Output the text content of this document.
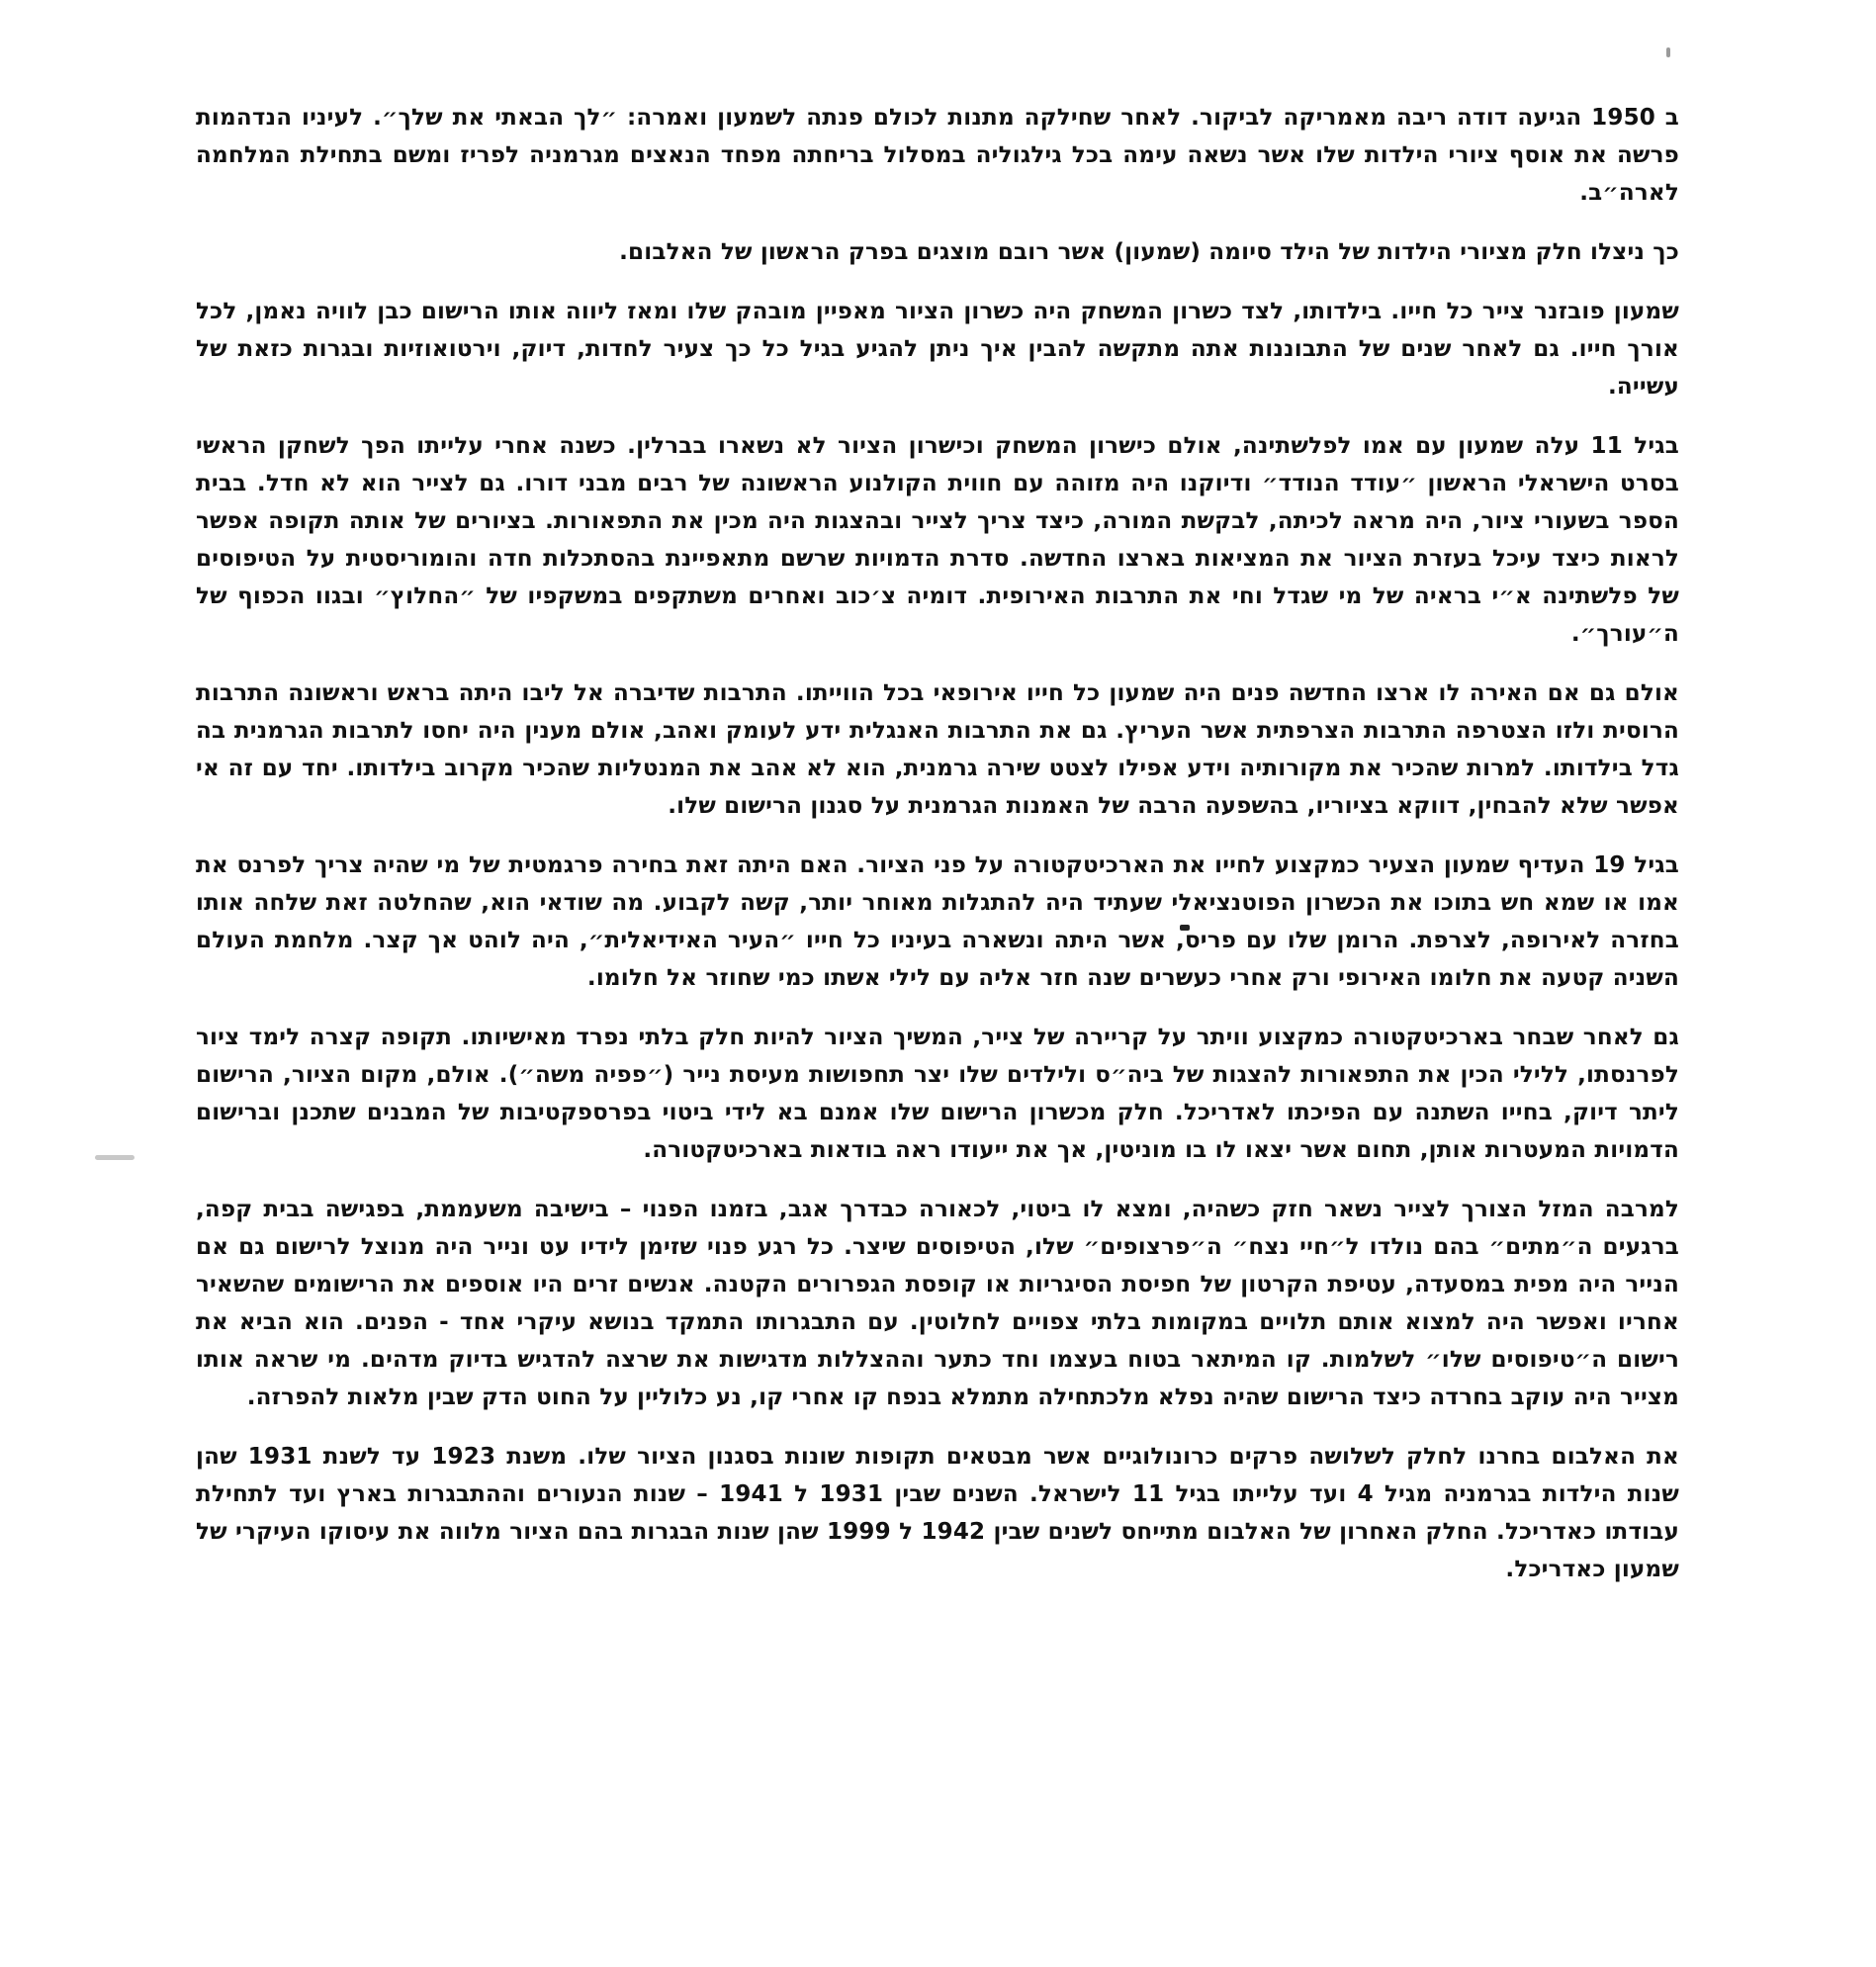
ב 1950 הגיעה דודה ריבה מאמריקה לביקור. לאחר שחילקה מתנות לכולם פנתה לשמעון ואמרה: ״לך הבאתי את שלך״. לעיניו הנדהמות פרשה את אוסף ציורי הילדות שלו אשר נשאה עימה בכל גילגוליה במסלול בריחתה מפחד הנאצים מגרמניה לפריז ומשם בתחילת המלחמה לארה״ב.

כך ניצלו חלק מציורי הילדות של הילד סיומה (שמעון) אשר רובם מוצגים בפרק הראשון של האלבום.

שמעון פובזנר צייר כל חייו. בילדותו, לצד כשרון המשחק היה כשרון הציור מאפיין מובהק שלו ומאז ליווה אותו הרישום כבן לוויה נאמן, לכל אורך חייו. גם לאחר שנים של התבוננות אתה מתקשה להבין איך ניתן להגיע בגיל כל כך צעיר לחדות, דיוק, וירטואוזיות ובגרות כזאת של עשייה.

בגיל 11 עלה שמעון עם אמו לפלשתינה, אולם כישרון המשחק וכישרון הציור לא נשארו בברלין. כשנה אחרי עלייתו הפך לשחקן הראשי בסרט הישראלי הראשון ״עודד הנודד״ ודיוקנו היה מזוהה עם חווית הקולנוע הראשונה של רבים מבני דורו. גם לצייר הוא לא חדל. בבית הספר בשעורי ציור, היה מראה לכיתה, לבקשת המורה, כיצד צריך לצייר ובהצגות היה מכין את התפאורות. בציורים של אותה תקופה אפשר לראות כיצד עיכל בעזרת הציור את המציאות בארצו החדשה. סדרת הדמויות שרשם מתאפיינת בהסתכלות חדה והומוריסטית על הטיפוסים של פלשתינה א״י בראיה של מי שגדל וחי את התרבות האירופית. דומיה צ׳כוב ואחרים משתקפים במשקפיו של ״החלוץ״ ובגוו הכפוף של ה״עורך״.

אולם גם אם האירה לו ארצו החדשה פנים היה שמעון כל חייו אירופאי בכל הווייתו. התרבות שדיברה אל ליבו היתה בראש וראשונה התרבות הרוסית ולזו הצטרפה התרבות הצרפתית אשר העריץ. גם את התרבות האנגלית ידע לעומק ואהב, אולם מענין היה יחסו לתרבות הגרמנית בה גדל בילדותו. למרות שהכיר את מקורותיה וידע אפילו לצטט שירה גרמנית, הוא לא אהב את המנטליות שהכיר מקרוב בילדותו. יחד עם זה אי אפשר שלא להבחין, דווקא בציוריו, בהשפעה הרבה של האמנות הגרמנית על סגנון הרישום שלו.

בגיל 19 העדיף שמעון הצעיר כמקצוע לחייו את הארכיטקטורה על פני הציור. האם היתה זאת בחירה פרגמטית של מי שהיה צריך לפרנס את אמו או שמא חש בתוכו את הכשרון הפוטנציאלי שעתיד היה להתגלות מאוחר יותר, קשה לקבוע. מה שודאי הוא, שהחלטה זאת שלחה אותו בחזרה לאירופה, לצרפת. הרומן שלו עם פריס, אשר היתה ונשארה בעיניו כל חייו ״העיר האידיאלית״, היה לוהט אך קצר. מלחמת העולם השניה קטעה את חלומו האירופי ורק אחרי כעשרים שנה חזר אליה עם לילי אשתו כמי שחוזר אל חלומו.

גם לאחר שבחר בארכיטקטורה כמקצוע וויתר על קריירה של צייר, המשיך הציור להיות חלק בלתי נפרד מאישיותו. תקופה קצרה לימד ציור לפרנסתו, ללילי הכין את התפאורות להצגות של ביה״ס ולילדים שלו יצר תחפושות מעיסת נייר (״פפיה משה״). אולם, מקום הציור, הרישום ליתר דיוק, בחייו השתנה עם הפיכתו לאדריכל. חלק מכשרון הרישום שלו אמנם בא לידי ביטוי בפרספקטיבות של המבנים שתכנן וברישום הדמויות המעטרות אותן, תחום אשר יצאו לו בו מוניטין, אך את ייעודו ראה בודאות בארכיטקטורה.

למרבה המזל הצורך לצייר נשאר חזק כשהיה, ומצא לו ביטוי, לכאורה כבדרך אגב, בזמנו הפנוי – בישיבה משעממת, בפגישה בבית קפה, ברגעים ה״מתים״ בהם נולדו ל״חיי נצח״ ה״פרצופים״ שלו, הטיפוסים שיצר. כל רגע פנוי שזימן לידיו עט ונייר היה מנוצל לרישום גם אם הנייר היה מפית במסעדה, עטיפת הקרטון של חפיסת הסיגריות או קופסת הגפרורים הקטנה. אנשים זרים היו אוספים את הרישומים שהשאיר אחריו ואפשר היה למצוא אותם תלויים במקומות בלתי צפויים לחלוטין. עם התבגרותו התמקד בנושא עיקרי אחד - הפנים. הוא הביא את רישום ה״טיפוסים שלו״ לשלמות. קו המיתאר בטוח בעצמו וחד כתער וההצללות מדגישות את שרצה להדגיש בדיוק מדהים. מי שראה אותו מצייר היה עוקב בחרדה כיצד הרישום שהיה נפלא מלכתחילה מתמלא בנפח קו אחרי קו, נע כלוליין על החוט הדק שבין מלאות להפרזה.

את האלבום בחרנו לחלק לשלושה פרקים כרונולוגיים אשר מבטאים תקופות שונות בסגנון הציור שלו. משנת 1923 עד לשנת 1931 שהן שנות הילדות בגרמניה מגיל 4 ועד עלייתו בגיל 11 לישראל. השנים שבין 1931 ל 1941 – שנות הנעורים וההתבגרות בארץ ועד לתחילת עבודתו כאדריכל. החלק האחרון של האלבום מתייחס לשנים שבין 1942 ל 1999 שהן שנות הבגרות בהם הציור מלווה את עיסוקו העיקרי של שמעון כאדריכל.
